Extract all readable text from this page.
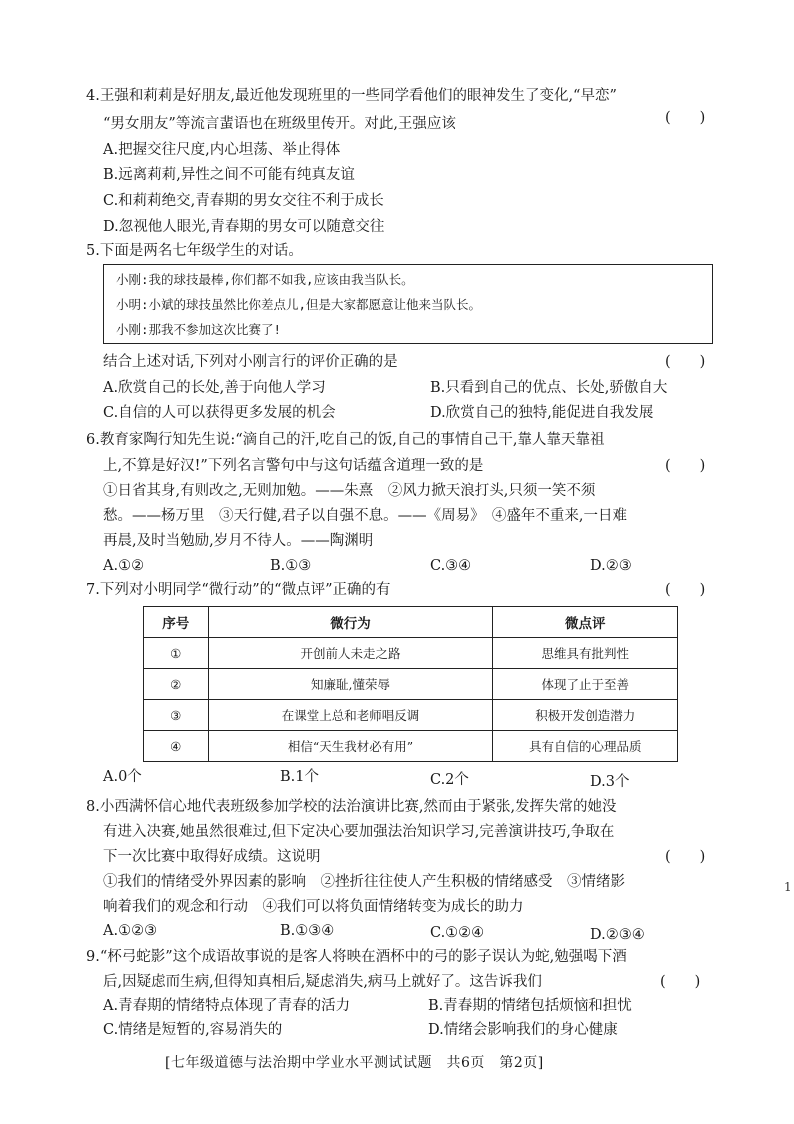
4.王强和莉莉是好朋友,最近他发现班里的一些同学看他们的眼神发生了变化,“早恋”
“男女朋友”等流言蜚语也在班级里传开。对此,王强应该	(　　)
A.把握交往尺度,内心坦荡、举止得体
B.远离莉莉,异性之间不可能有纯真友谊
C.和莉莉绝交,青春期的男女交往不利于成长
D.忽视他人眼光,青春期的男女可以随意交往
5.下面是两名七年级学生的对话。
小刚:我的球技最棒,你们都不如我,应该由我当队长。
小明:小斌的球技虽然比你差点儿,但是大家都愿意让他来当队长。
小刚:那我不参加这次比赛了!
结合上述对话,下列对小刚言行的评价正确的是	(　　)
A.欣赏自己的长处,善于向他人学习	B.只看到自己的优点、长处,骄傲自大
C.自信的人可以获得更多发展的机会	D.欣赏自己的独特,能促进自我发展
6.教育家陶行知先生说:“滴自己的汗,吃自己的饭,自己的事情自己干,靠人靠天靠祖
上,不算是好汉!”下列名言警句中与这句话蕴含道理一致的是	(　　)
①日省其身,有则改之,无则加勉。——朱熹　②风力掀天浪打头,只须一笑不须
愁。——杨万里　③天行健,君子以自强不息。——《周易》　④盛年不重来,一日难
再晨,及时当勉励,岁月不待人。——陶渊明
A.①②	B.①③	C.③④	D.②③
7.下列对小明同学“微行动”的“微点评”正确的有	(　　)
序号	微行为	微点评
①	开创前人未走之路	思维具有批判性
②	知廉耻,懂荣辱	体现了止于至善
③	在课堂上总和老师唱反调	积极开发创造潜力
④	相信“天生我材必有用”	具有自信的心理品质
A.0个	B.1个	C.2个	D.3个
8.小西满怀信心地代表班级参加学校的法治演讲比赛,然而由于紧张,发挥失常的她没
有进入决赛,她虽然很难过,但下定决心要加强法治知识学习,完善演讲技巧,争取在
下一次比赛中取得好成绩。这说明	(　　)
①我们的情绪受外界因素的影响　②挫折往往使人产生积极的情绪感受　③情绪影
响着我们的观念和行动　④我们可以将负面情绪转变为成长的助力
A.①②③	B.①③④	C.①②④	D.②③④
9.“杯弓蛇影”这个成语故事说的是客人将映在酒杯中的弓的影子误认为蛇,勉强喝下酒
后,因疑虑而生病,但得知真相后,疑虑消失,病马上就好了。这告诉我们	(　　)
A.青春期的情绪特点体现了青春的活力	B.青春期的情绪包括烦恼和担忧
C.情绪是短暂的,容易消失的	D.情绪会影响我们的身心健康
[七年级道德与法治期中学业水平测试试题　共6页　第2页]
1
